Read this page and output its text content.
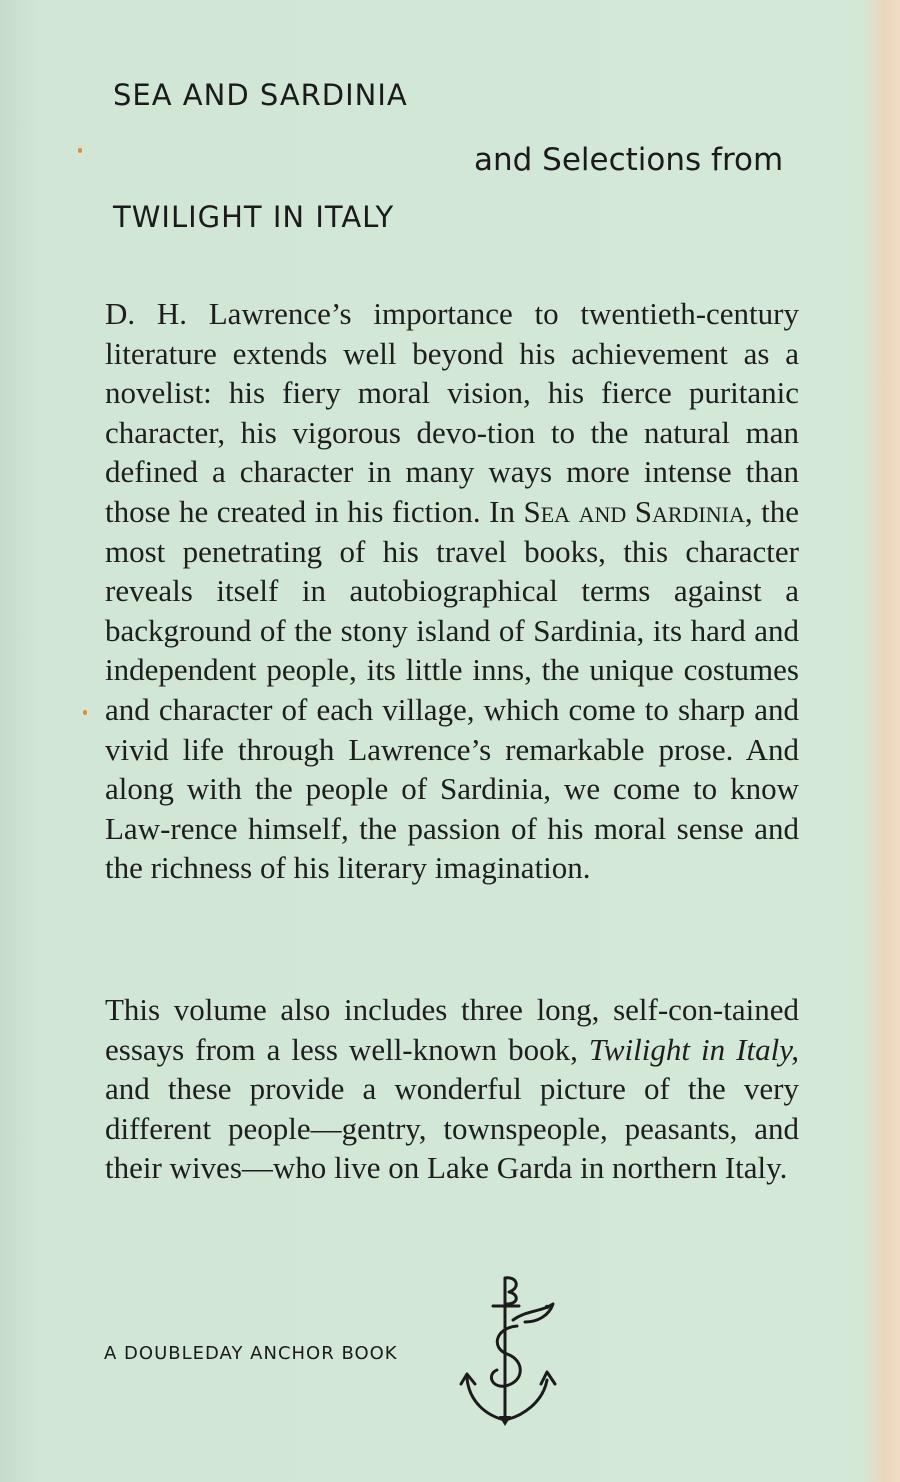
SEA AND SARDINIA

and Selections from

TWILIGHT IN ITALY

D. H. Lawrence’s importance to twentieth-century literature extends well beyond his achievement as a novelist: his fiery moral vision, his fierce puritanic character, his vigorous devo-tion to the natural man defined a character in many ways more intense than those he created in his fiction. In Sea and Sardinia, the most penetrating of his travel books, this character reveals itself in autobiographical terms against a background of the stony island of Sardinia, its hard and independent people, its little inns, the unique costumes and character of each village, which come to sharp and vivid life through Lawrence’s remarkable prose. And along with the people of Sardinia, we come to know Law-rence himself, the passion of his moral sense and the richness of his literary imagination.

This volume also includes three long, self-con-tained essays from a less well-known book, Twilight in Italy, and these provide a wonderful picture of the very different people—gentry, townspeople, peasants, and their wives—who live on Lake Garda in northern Italy.

A DOUBLEDAY ANCHOR BOOK
